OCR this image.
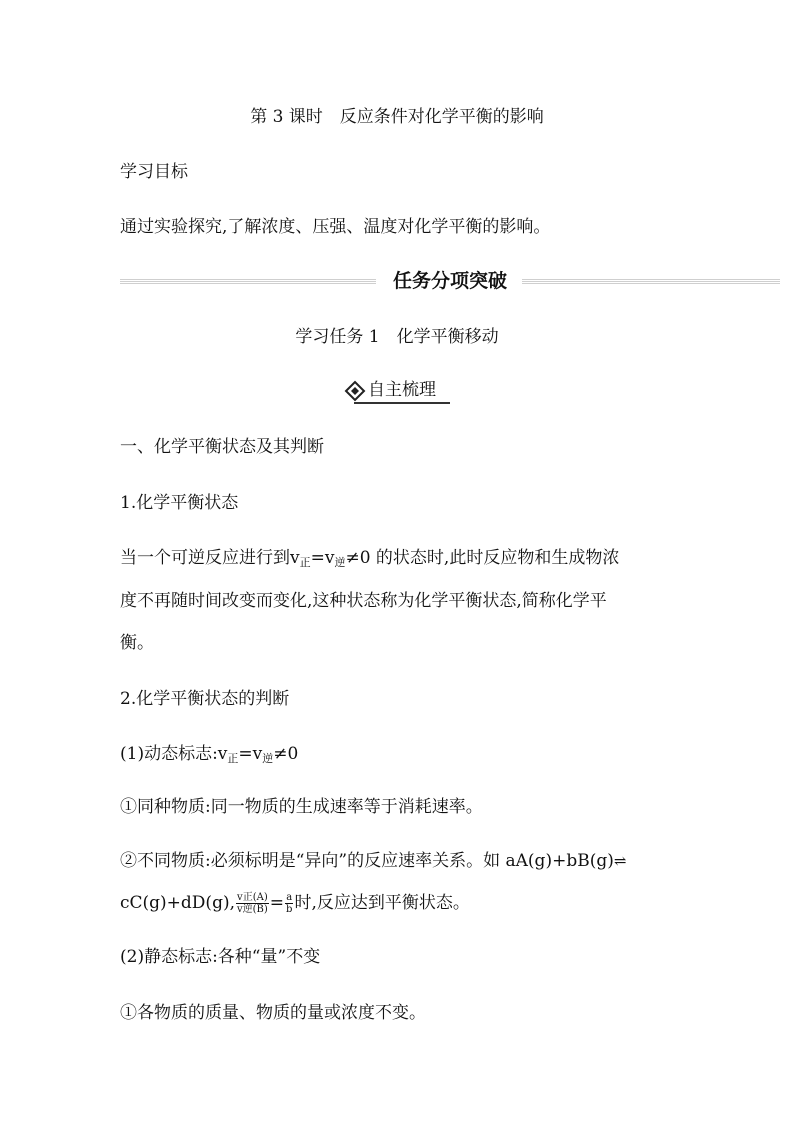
第 3 课时　反应条件对化学平衡的影响
学习目标
通过实验探究,了解浓度、压强、温度对化学平衡的影响。
任务分项突破
学习任务 1　化学平衡移动
自主梳理
一、化学平衡状态及其判断
1.化学平衡状态
当一个可逆反应进行到$v_正=v_逆\ne 0$ 的状态时,此时反应物和生成物浓
度不再随时间改变而变化,这种状态称为化学平衡状态,简称化学平
衡。
2.化学平衡状态的判断
(1)动态标志$:v_正=v_逆\ne 0$
①同种物质:同一物质的生成速率等于消耗速率。
②不同物质:必须标明是“异向”的反应速率关系。如 aA(g)+bB(g)⇌
cC(g)+dD(g), $\frac{\text{v正(A)}}{\text{v逆(B)}} = \frac{a}{b}$ 时,反应达到平衡状态。
(2)静态标志:各种“量”不变
①各物质的质量、物质的量或浓度不变。
